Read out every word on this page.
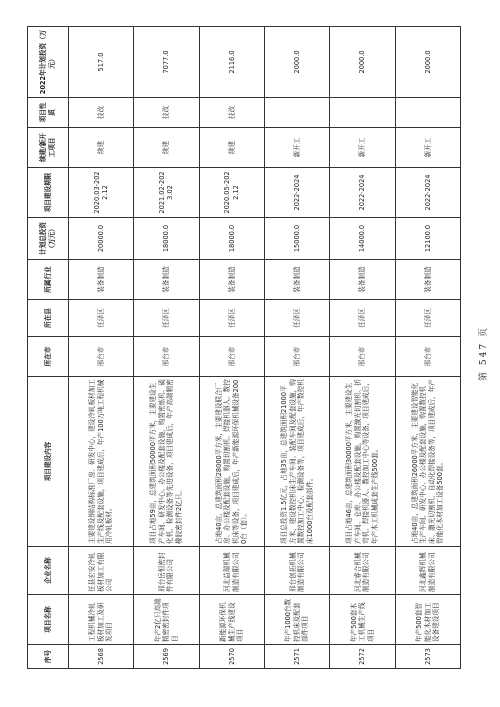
序号	项目名称	企业名称	项目建设内容	所在市	所在县	所属行业	计划总投资（万元）	项目建设期限	续建/新开工项目	项目性质	2022年计划投资（万元）
2568	工程机械冷轧板材加工及研发项目	任县宏安冷轧板材加工有限公司	主要建设钢结构标准厂房、研发中心，建设冷轧板材加工生产线及配套设施，项目建成后，年产100万吨工程机械用冷轧板材。	邢台市	任泽区	装备制造	20000.0	2020.03-2022.12	续建	技改	517.0
2569	年产2亿只高端精密密封件项目	邢台岳恒密封件有限公司	项目占地59亩，总建筑面积50000平方米，主要建设生产车间、研发中心、办公楼及配套设施，购置密炼机、硫化机、检测设备等先进设备，项目建成后，年产高端精密橡胶密封件2亿只。	邢台市	任泽区	装备制造	18000.0	2021.02-2023.02	续建	技改	7077.0
2570	新能源环保机械生产线建设项目	河北益瑞机械制造有限公司	占地40亩，总建筑面积28000平方米，主要建设联合厂房、办公楼及配套设施，购置切割机、焊接机器人、数控机床等设备，项目建成后，年产新能源环保机械设备2000台（套）。	邢台市	任泽区	装备制造	18000.0	2020.05-2022.12	续建	技改	2116.0
2571	年产1000台数控机床及配套部件项目	邢台创拓机械制造有限公司	项目总投资1.5亿元，占地35亩，总建筑面积21000平方米，建设数控机床生产车间、装配车间及配套设施，购置数控加工中心、检测设备等，项目建成后，年产数控机床1000台及配套部件。	邢台市	任泽区	装备制造	15000.0	2022-2024	新开工		2000.0
2572	年产500套木工机械生产线项目	河北睿合机械制造有限公司	项目占地46亩，总建筑面积30000平方米，主要建设生产车间、仓库、办公楼及配套设施，购置激光切割机、折弯机、焊接机器人、数控加工中心等设备，项目建成后，年产木工机械成套生产线500套。	邢台市	任泽区	装备制造	14000.0	2022-2024	新开工		2000.0
2573	年产500套智能化木材加工设备建设项目	河北鑫辉机械制造有限公司	占地40亩，总建筑面积26000平方米，主要建设智能化生产车间、研发中心、办公楼及配套设施，购置数控机床、激光切割机、自动化焊接设备等，项目建成后，年产智能化木材加工设备500套。	邢台市	任泽区	装备制造	12100.0	2022-2024	新开工		2000.0
第 547 页
